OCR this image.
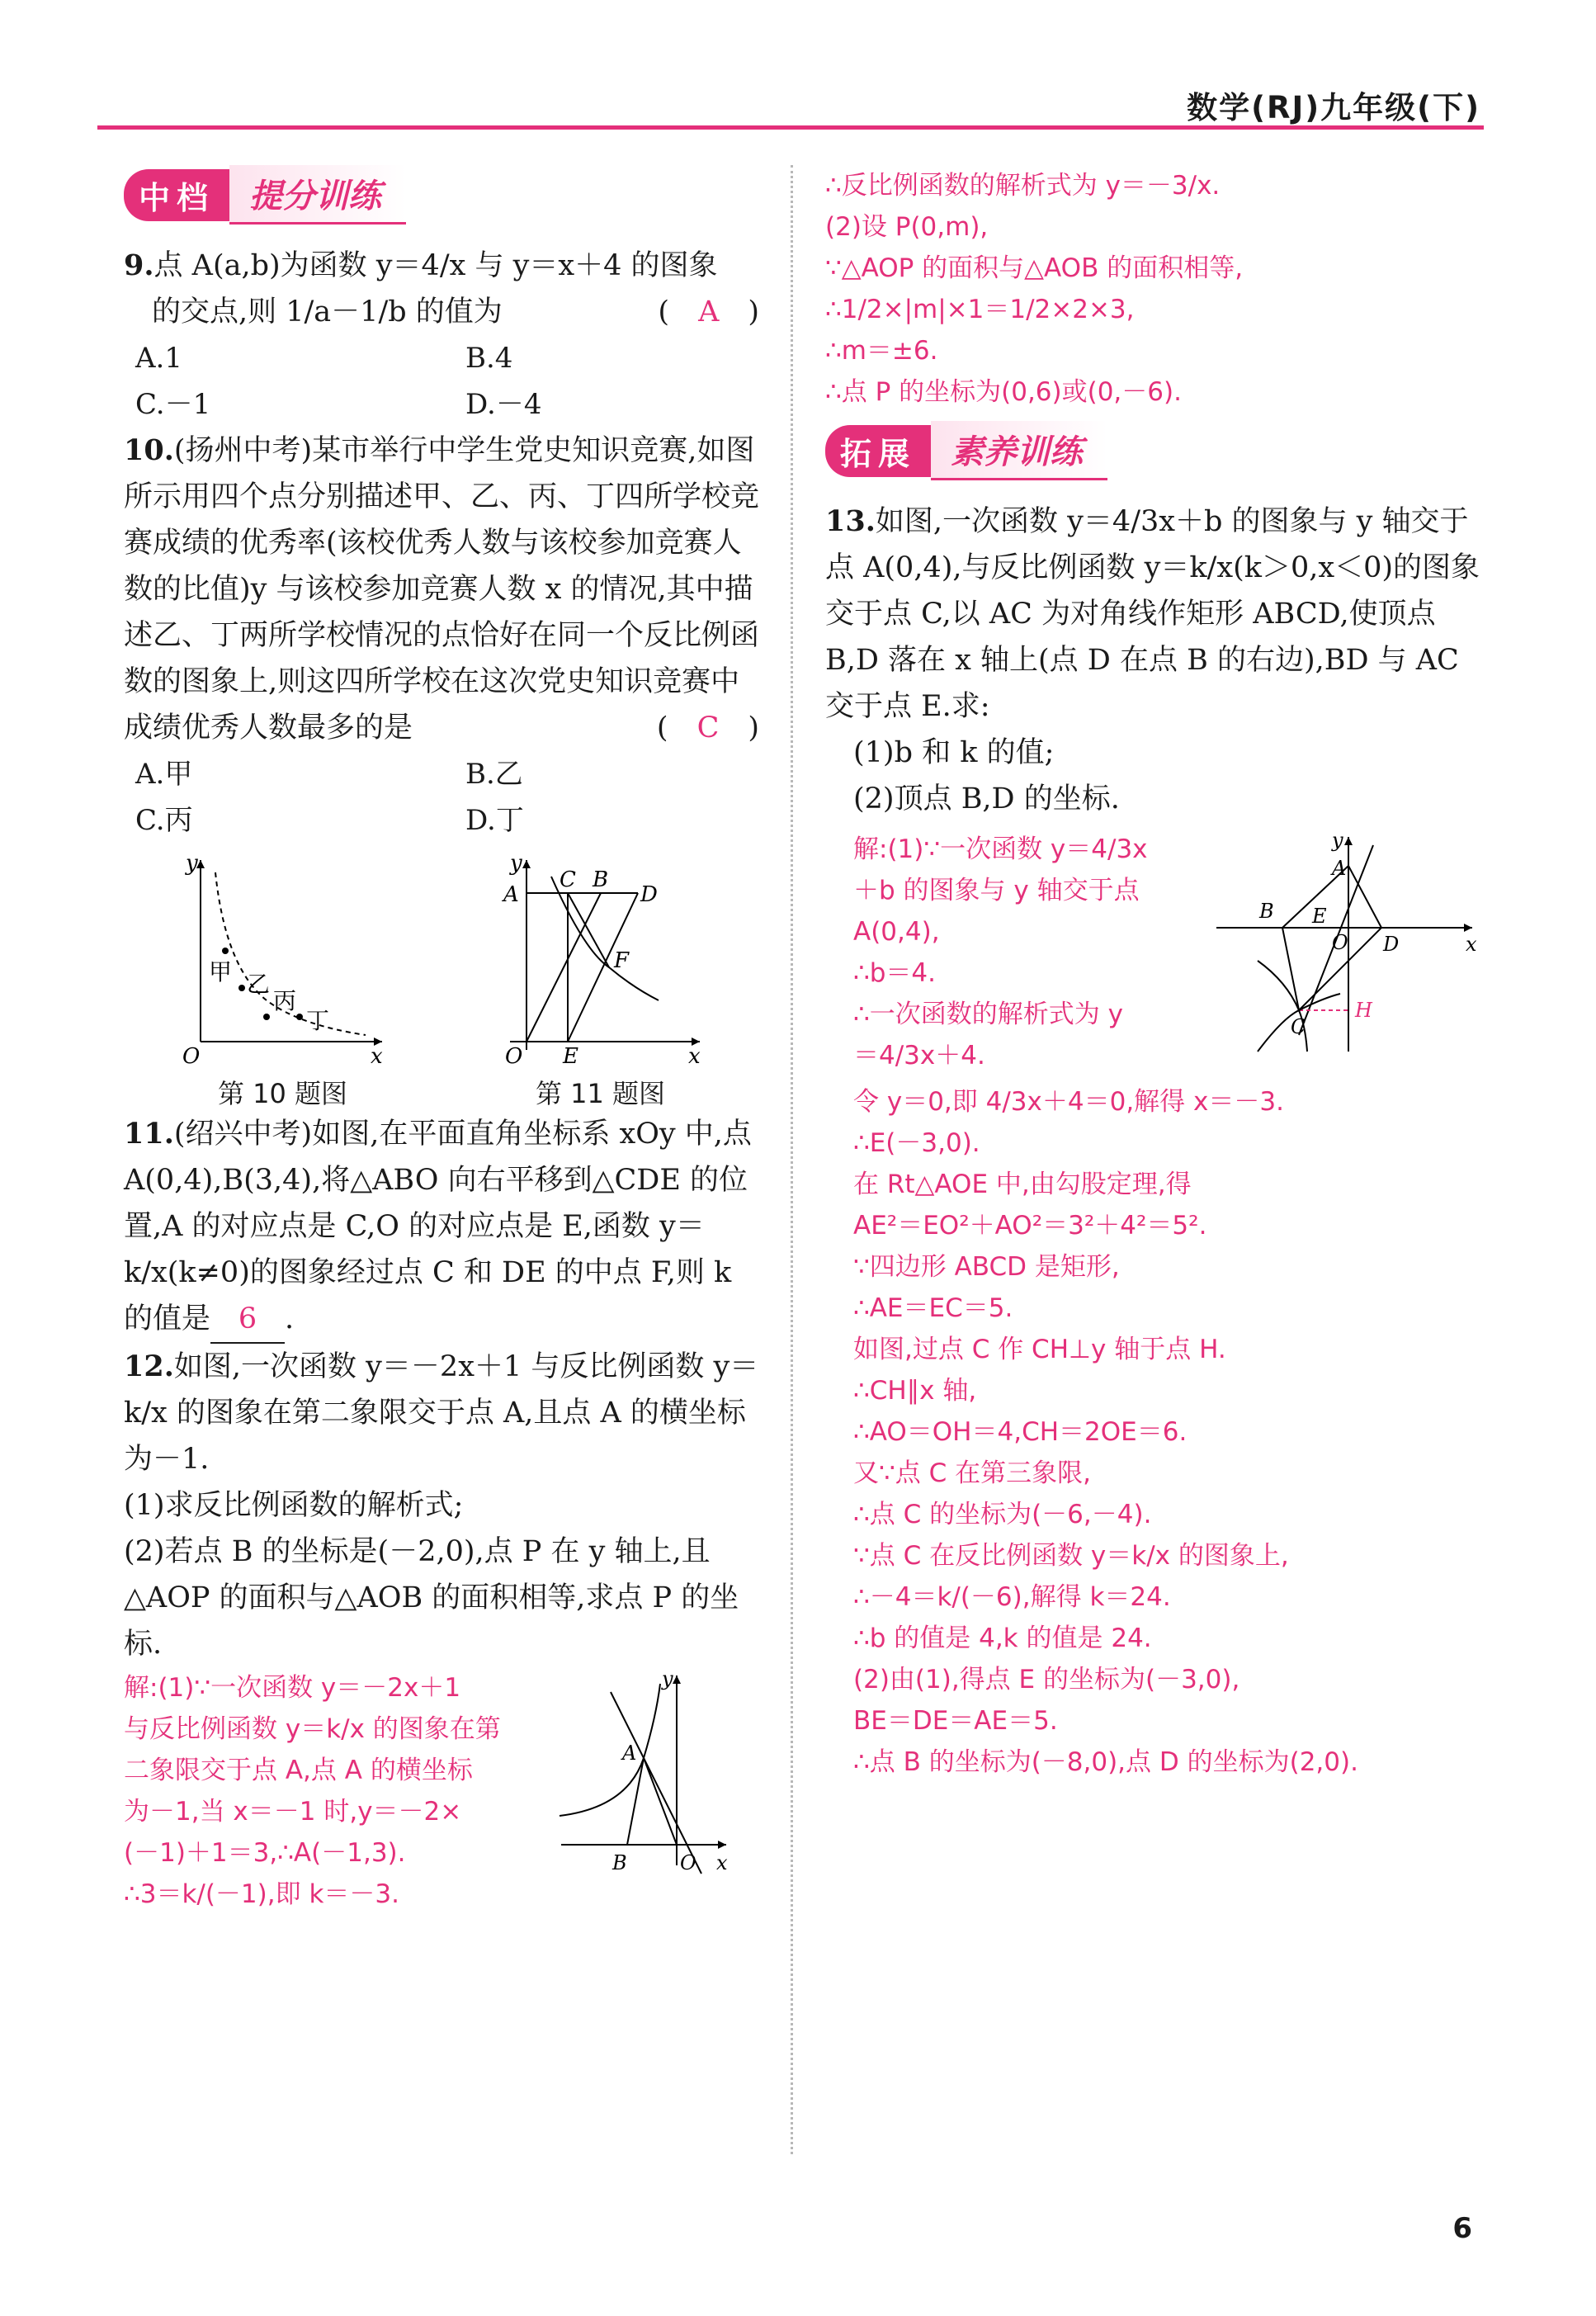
数学(RJ)九年级(下)
中档	提分训练

9.点 A(a,b)为函数 y＝4/x 与 y＝x＋4 的图象

的交点,则 1/a－1/b 的值为	(　A　)

A.1	B.4
C.－1	D.－4

10.(扬州中考)某市举行中学生党史知识竞赛,如图所示用四个点分别描述甲、乙、丙、丁四所学校竞赛成绩的优秀率(该校优秀人数与该校参加竞赛人数的比值)y 与该校参加竞赛人数 x 的情况,其中描述乙、丁两所学校情况的点恰好在同一个反比例函数的图象上,则这四所学校在这次党史知识竞赛中成绩优秀人数最多的是	(　C　)

A.甲	B.乙
C.丙	D.丁
y
x
O
甲 乙
丙
丁
第 10 题图
y
x
O
A
C B
D
F
E
第 11 题图

11.(绍兴中考)如图,在平面直角坐标系 xOy 中,点 A(0,4),B(3,4),将△ABO 向右平移到△CDE 的位置,A 的对应点是 C,O 的对应点是 E,函数 y＝k/x(k≠0)的图象经过点 C 和 DE 的中点 F,则 k 的值是 6 .

12.如图,一次函数 y＝－2x＋1 与反比例函数 y＝k/x 的图象在第二象限交于点 A,且点 A 的横坐标为－1.

(1)求反比例函数的解析式;

(2)若点 B 的坐标是(－2,0),点 P 在 y 轴上,且△AOP 的面积与△AOB 的面积相等,求点 P 的坐标.

解:(1)∵一次函数 y＝－2x＋1
与反比例函数 y＝k/x 的图象在第
二象限交于点 A,点 A 的横坐标
为－1,当 x＝－1 时,y＝－2×
(－1)＋1＝3,∴A(－1,3).
∴3＝k/(－1),即 k＝－3.
y
x
A
B	O
∴反比例函数的解析式为 y＝－3/x.
(2)设 P(0,m),
∵△AOP 的面积与△AOB 的面积相等,
∴1/2×|m|×1＝1/2×2×3,
∴m＝±6.
∴点 P 的坐标为(0,6)或(0,－6).
拓展	素养训练

13.如图,一次函数 y＝4/3x＋b 的图象与 y 轴交于点 A(0,4),与反比例函数 y＝k/x(k＞0,x＜0)的图象交于点 C,以 AC 为对角线作矩形 ABCD,使顶点 B,D 落在 x 轴上(点 D 在点 B 的右边),BD 与 AC 交于点 E.求:

(1)b 和 k 的值;

(2)顶点 B,D 的坐标.

解:(1)∵一次函数 y＝4/3x
＋b 的图象与 y 轴交于点
A(0,4),
∴b＝4.
∴一次函数的解析式为 y
＝4/3x＋4.
y
x
A
B E
O D
C
H
令 y＝0,即 4/3x＋4＝0,解得 x＝－3.
∴E(－3,0).
在 Rt△AOE 中,由勾股定理,得
AE²＝EO²＋AO²＝3²＋4²＝5².
∵四边形 ABCD 是矩形,
∴AE＝EC＝5.
如图,过点 C 作 CH⊥y 轴于点 H.
∴CH∥x 轴,
∴AO＝OH＝4,CH＝2OE＝6.
又∵点 C 在第三象限,
∴点 C 的坐标为(－6,－4).
∵点 C 在反比例函数 y＝k/x 的图象上,
∴－4＝k/(－6),解得 k＝24.
∴b 的值是 4,k 的值是 24.
(2)由(1),得点 E 的坐标为(－3,0),
BE＝DE＝AE＝5.
∴点 B 的坐标为(－8,0),点 D 的坐标为(2,0).
6
